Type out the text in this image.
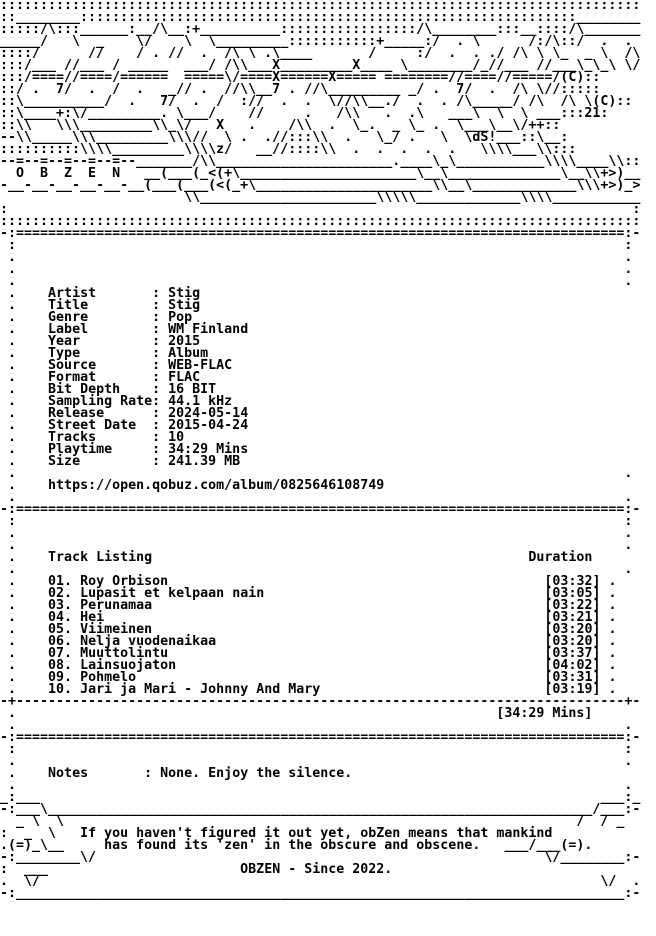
::::::::::::::::::::::::::::::::::::::::::::::::::::::::::::::::::::::::::::::::
::________::::::::::::::::::::::::::::::::::::::::::::::::::::::::::::::________
:::::/\:::______:__/\__:+__________:::::::::::::::::/\________:::__::::/\_______
_____/   \  _    \/    \  \_________:::::::::::+_____:/  . \      /:/\::/  .  .
::::/      //    / . //  .  /\ \ .\____       /     :/  .  . ./ /\ \ \_  _ \  /\
:::/___ //___ / _____  ___/ /\\___X_________X____ \________/_//___ //___\_\_\ \/
:::/====//====/======  =====\/====X======X===== ========//====//=====/(C)::
::/ .  7/  .  /  .   _// .  //\\__7 . //\_________ _/ .  7/  .  /\ \//:::::
::\__________/  .   7/  .  /  ://  .  .  \//\\__./  .  . /\_____/ /\  /\ \(C)::
::\____+:\/_________. \___/    //     .   /\\   .  .\   ___\  \  \ ___:::21:
::\\   \\\_________\\_\/   X   .    /\\  .  \_.  _ \_ .  \___\__\/++::
--\\_____\\\_________\\\//  \ .  .//:::\\  .   \_/ .   \  \dS!___::\__:
::::::::::\\\\_________\\\\z/   __//::::\\  .  .  .  .  .   \\\\___\\:::
--=--=--=--=--=--_______/\\______________________.____\_\___________\\\\____\\::
O  B  Z  E  N   __(___(_<(+\______________________\__\______________\__\\+>)__
-__-__-__-__-__-__(___(___(<(_+\______________________\\__\_____________\\\+>)_>
\\______________________\\\\\_____________\\\\___________
:                                                                              :
::::::::::::::::::::::::::::::::::::::::::::::::::::::::::::::::::::::::::::::::
-:============================================================================:-
:                                                                            :
.                                                                            .
.                                                                            .
.                                                                            .
.    Artist       : Stig
.    Title        : Stig
.    Genre        : Pop
.    Label        : WM Finland
.    Year         : 2015
.    Type         : Album
.    Source       : WEB-FLAC
.    Format       : FLAC
.    Bit Depth    : 16 BIT
.    Sampling Rate: 44.1 kHz
.    Release      : 2024-05-14
.    Street Date  : 2015-04-24
.    Tracks       : 10
.    Playtime     : 34:29 Mins
.    Size         : 241.39 MB
.                                                                            .
.    https://open.qobuz.com/album/0825646108749
.                                                                            .
-:============================================================================:-
:                                                                            :
.                                                                            .
.                                                                            .
.    Track Listing                                               Duration
.                                                                            .
.    01. Roy Orbison                                               [03:32] .
.    02. Lupasit et kelpaan nain                                   [03:05] .
.    03. Perunamaa                                                 [03:22] .
.    04. Hei                                                       [03:21] .
.    05. Viimeinen                                                 [03:20] .
.    06. Nelja vuodenaikaa                                         [03:20] .
.    07. Muuttolintu                                               [03:37] .
.    08. Lainsuojaton                                              [04:02] .
.    09. Pohmelo                                                   [03:31] .
.    10. Jari ja Mari - Johnny And Mary                            [03:19] .
-+----------------------------------------------------------------------------+-
.                                                            [34:29 Mins]
.                                                                            .
-:============================================================================:-
:                                                                            :
.                                                                            .
.    Notes       : None. Enjoy the silence.
.                                                                            .
_:___                                                                      ___:_
-:___\____________________________________________________________________/___:-
_ \  \                                                                /  / _
:  _  \   If you haven't figured it out yet, obZen means that mankind
.(=)_\__     has found its 'zen' in the obscure and obscene.   ___/___(=).
-:________\/                                                        \/________:-
:  ___                        OBZEN - Since 2022.
.  \/                                                                      \/  .
-:____________________________________________________________________________:-
